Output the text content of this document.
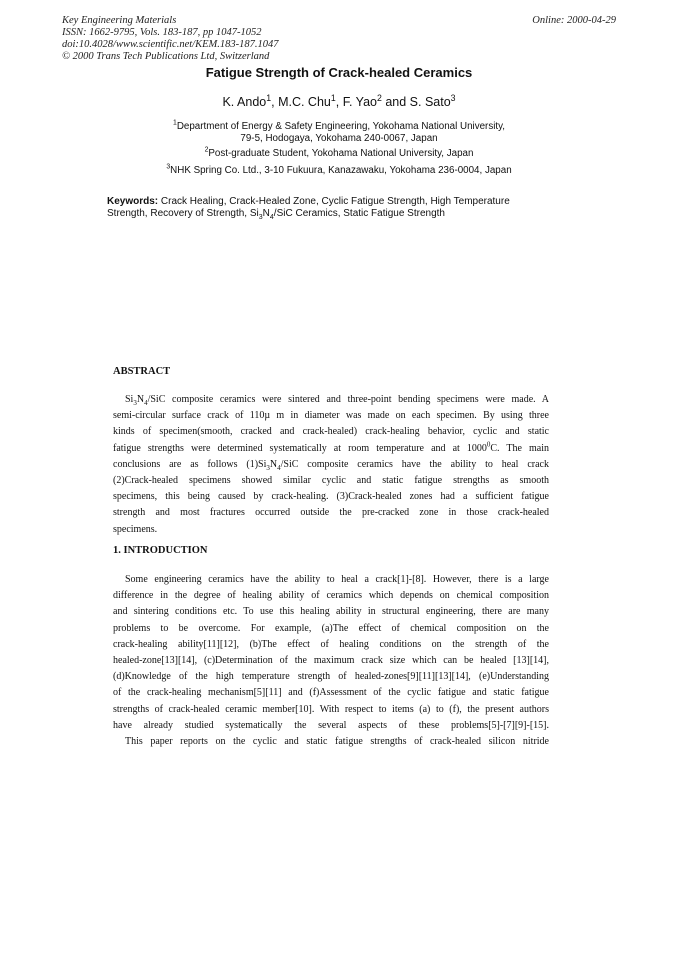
Key Engineering Materials
ISSN: 1662-9795, Vols. 183-187, pp 1047-1052
doi:10.4028/www.scientific.net/KEM.183-187.1047
© 2000 Trans Tech Publications Ltd, Switzerland
Online: 2000-04-29
Fatigue Strength of Crack-healed Ceramics
K. Ando$^1$, M.C. Chu$^1$, F. Yao$^2$ and S. Sato$^3$
$^1$Department of Energy & Safety Engineering, Yokohama National University,
79-5, Hodogaya, Yokohama 240-0067, Japan
$^2$Post-graduate Student, Yokohama National University, Japan
$^3$NHK Spring Co. Ltd., 3-10 Fukuura, Kanazawaku, Yokohama 236-0004, Japan
Keywords: Crack Healing, Crack-Healed Zone, Cyclic Fatigue Strength, High Temperature
Strength, Recovery of Strength, $Si_3N_4$/SiC Ceramics, Static Fatigue Strength
ABSTRACT
$Si_3N_4$/SiC composite ceramics were sintered and three-point bending specimens were made. A
semi-circular surface crack of 110µ m in diameter was made on each specimen. By using three
kinds of specimen(smooth, cracked and crack-healed) crack-healing behavior, cyclic and static
fatigue strengths were determined systematically at room temperature and at 1000$^0$C. The main
conclusions are as follows $(1)Si_3N_4$/SiC composite ceramics have the ability to heal crack
(2)Crack-healed specimens showed similar cyclic and static fatigue strengths as smooth
specimens, this being caused by crack-healing. (3)Crack-healed zones had a sufficient fatigue
strength and most fractures occurred outside the pre-cracked zone in those crack-healed
specimens.
1. INTRODUCTION
Some engineering ceramics have the ability to heal a crack[1]-[8]. However, there is a large
difference in the degree of healing ability of ceramics which depends on chemical composition
and sintering conditions etc. To use this healing ability in structural engineering, there are many
problems to be overcome. For example, (a)The effect of chemical composition on the
crack-healing ability[11][12], (b)The effect of healing conditions on the strength of the
healed-zone[13][14], (c)Determination of the maximum crack size which can be healed [13][14],
(d)Knowledge of the high temperature strength of healed-zones[9][11][13][14], (e)Understanding
of the crack-healing mechanism[5][11] and (f)Assessment of the cyclic fatigue and static fatigue
strengths of crack-healed ceramic member[10]. With respect to items (a) to (f), the present authors
have already studied systematically the several aspects of these problems[5]-[7][9]-[15].
This paper reports on the cyclic and static fatigue strengths of crack-healed silicon nitride
